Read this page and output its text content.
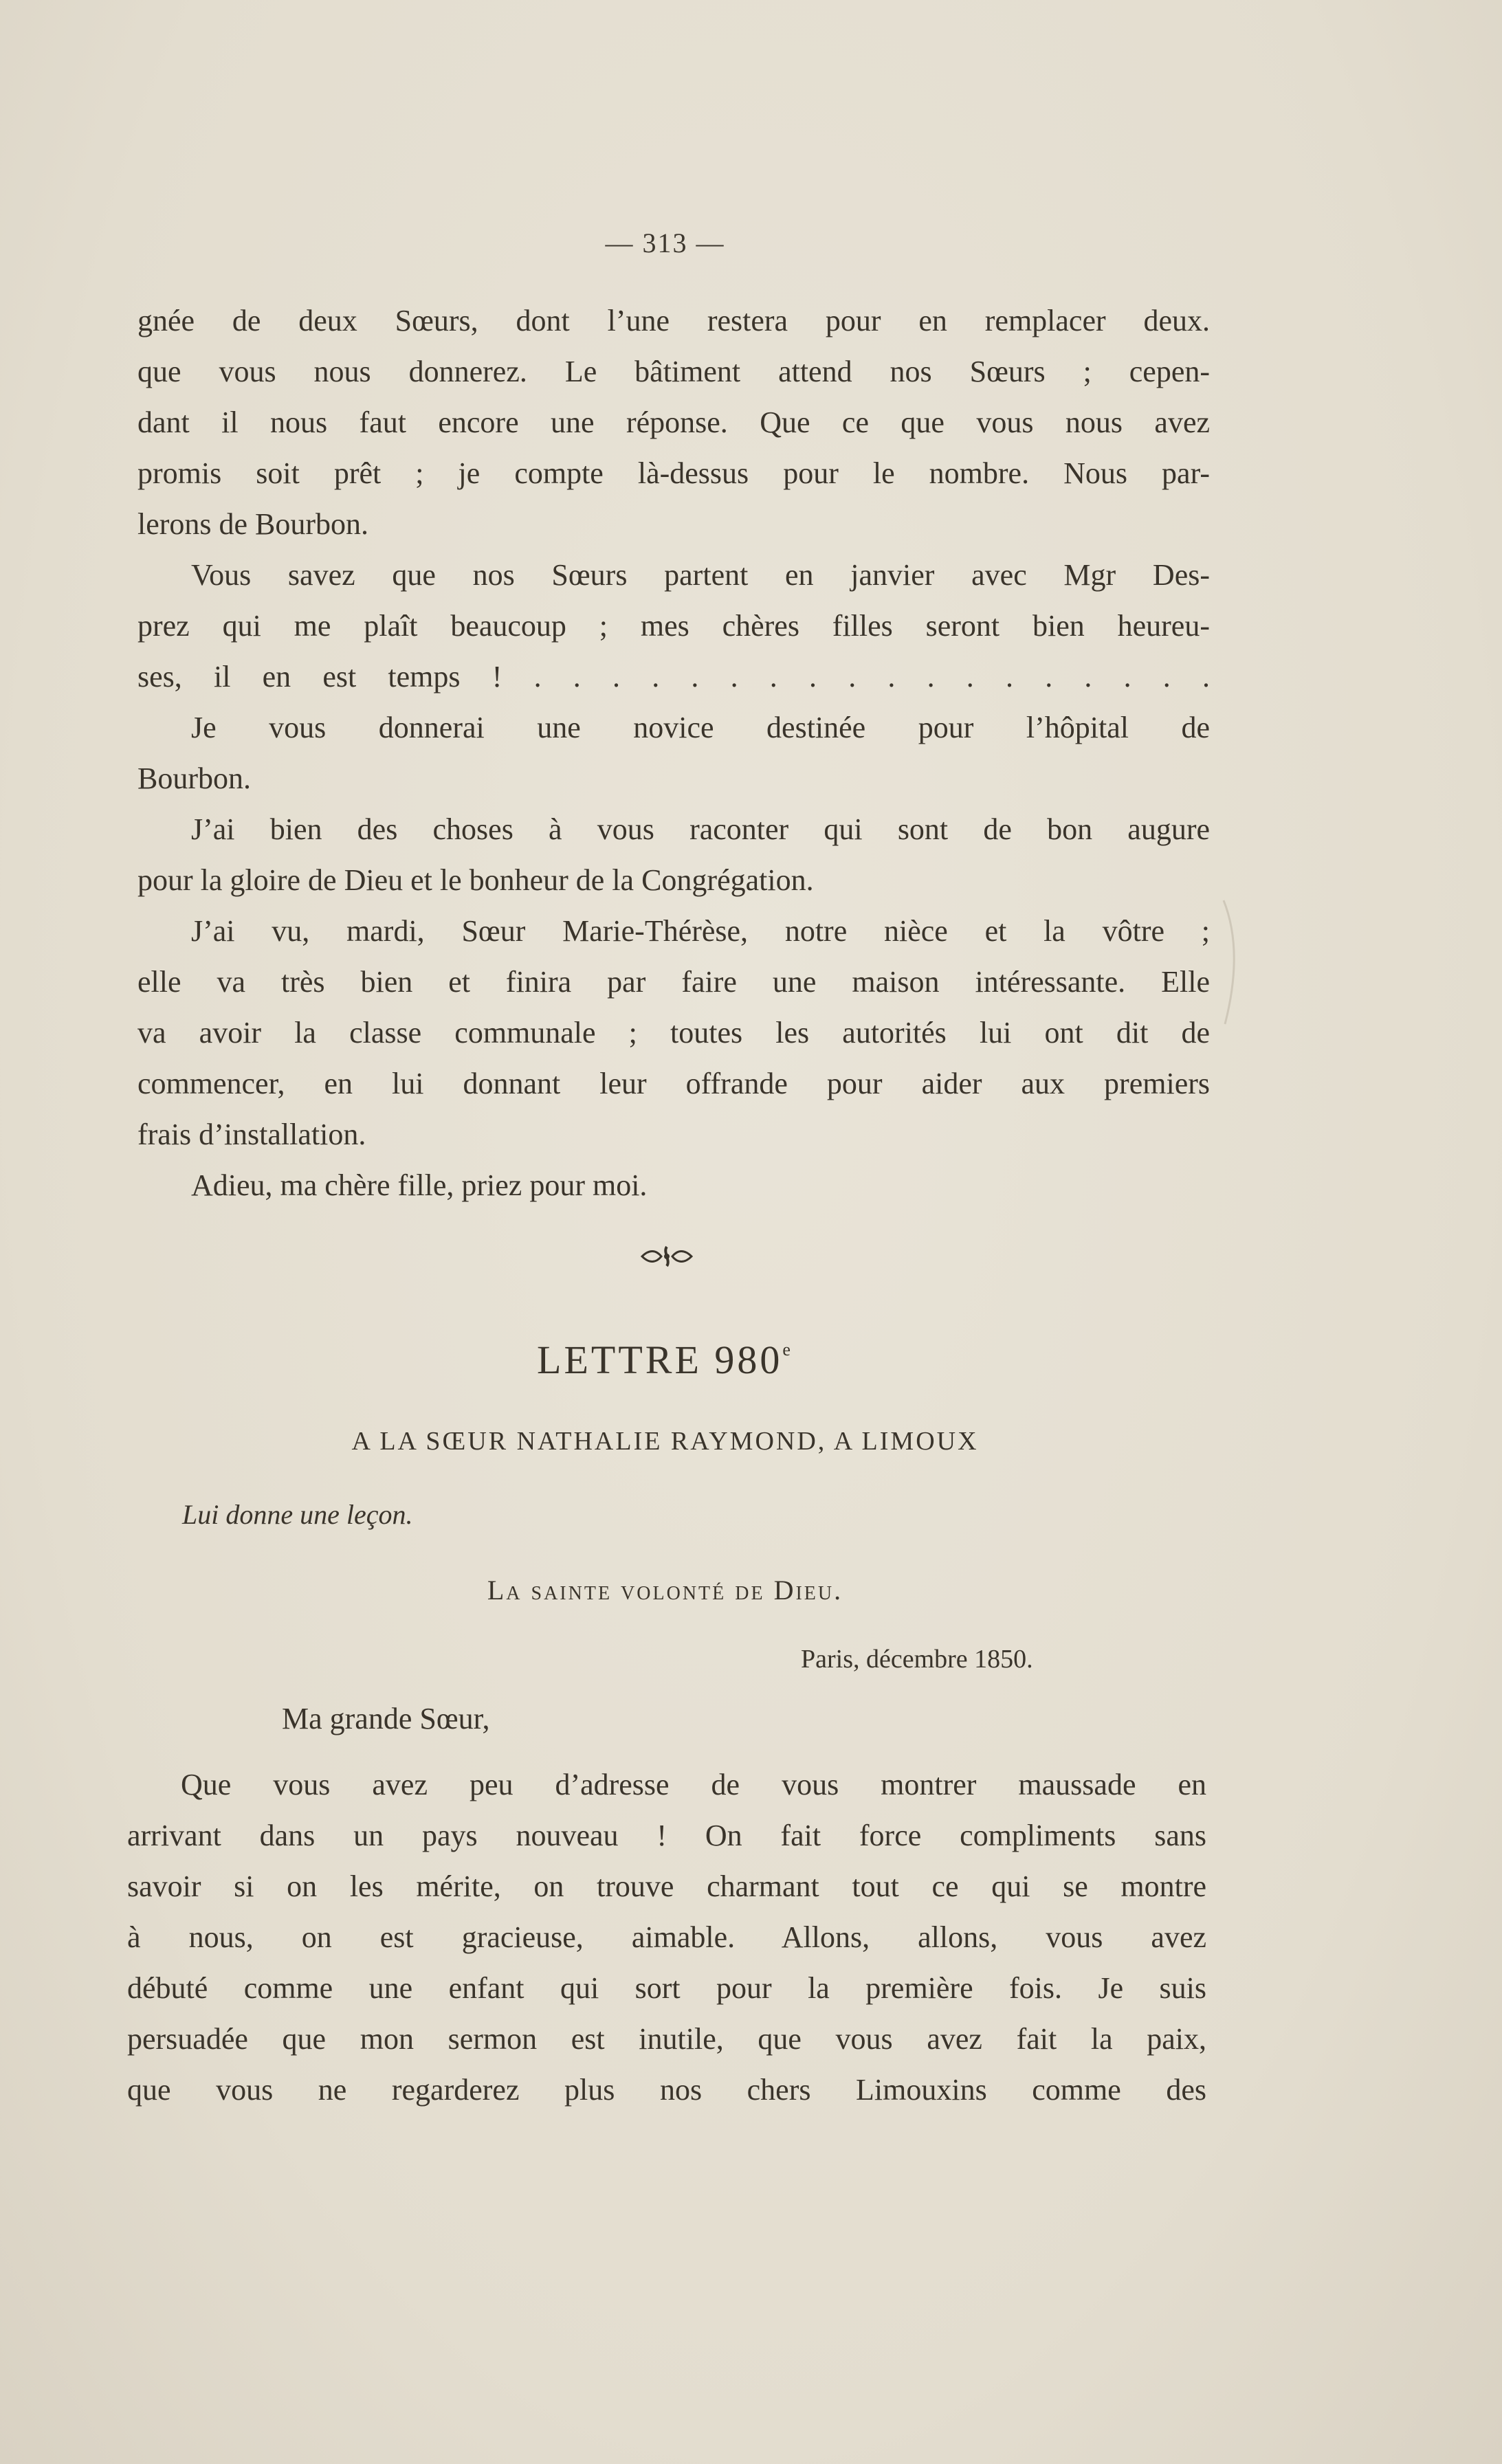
— 313 —

gnée de deux Sœurs, dont l’une restera pour en remplacer deux.

que vous nous donnerez. Le bâtiment attend nos Sœurs ; cepen-

dant il nous faut encore une réponse. Que ce que vous nous avez

promis soit prêt ; je compte là-dessus pour le nombre. Nous par-

lerons de Bourbon.

Vous savez que nos Sœurs partent en janvier avec Mgr Des-

prez qui me plaît beaucoup ; mes chères filles seront bien heureu-

ses, il en est temps ! . . . . . . . . . . . . . . . . . .

Je vous donnerai une novice destinée pour l’hôpital de

Bourbon.

J’ai bien des choses à vous raconter qui sont de bon augure

pour la gloire de Dieu et le bonheur de la Congrégation.

J’ai vu, mardi, Sœur Marie-Thérèse, notre nièce et la vôtre ;

elle va très bien et finira par faire une maison intéressante. Elle

va avoir la classe communale ; toutes les autorités lui ont dit de

commencer, en lui donnant leur offrande pour aider aux premiers

frais d’installation.

Adieu, ma chère fille, priez pour moi.

LETTRE 980e
A LA SŒUR NATHALIE RAYMOND, A LIMOUX
Lui donne une leçon.
La sainte volonté de Dieu.
Paris, décembre 1850.
Ma grande Sœur,

Que vous avez peu d’adresse de vous montrer maussade en

arrivant dans un pays nouveau ! On fait force compliments sans

savoir si on les mérite, on trouve charmant tout ce qui se montre

à nous, on est gracieuse, aimable. Allons, allons, vous avez

débuté comme une enfant qui sort pour la première fois. Je suis

persuadée que mon sermon est inutile, que vous avez fait la paix,

que vous ne regarderez plus nos chers Limouxins comme des
